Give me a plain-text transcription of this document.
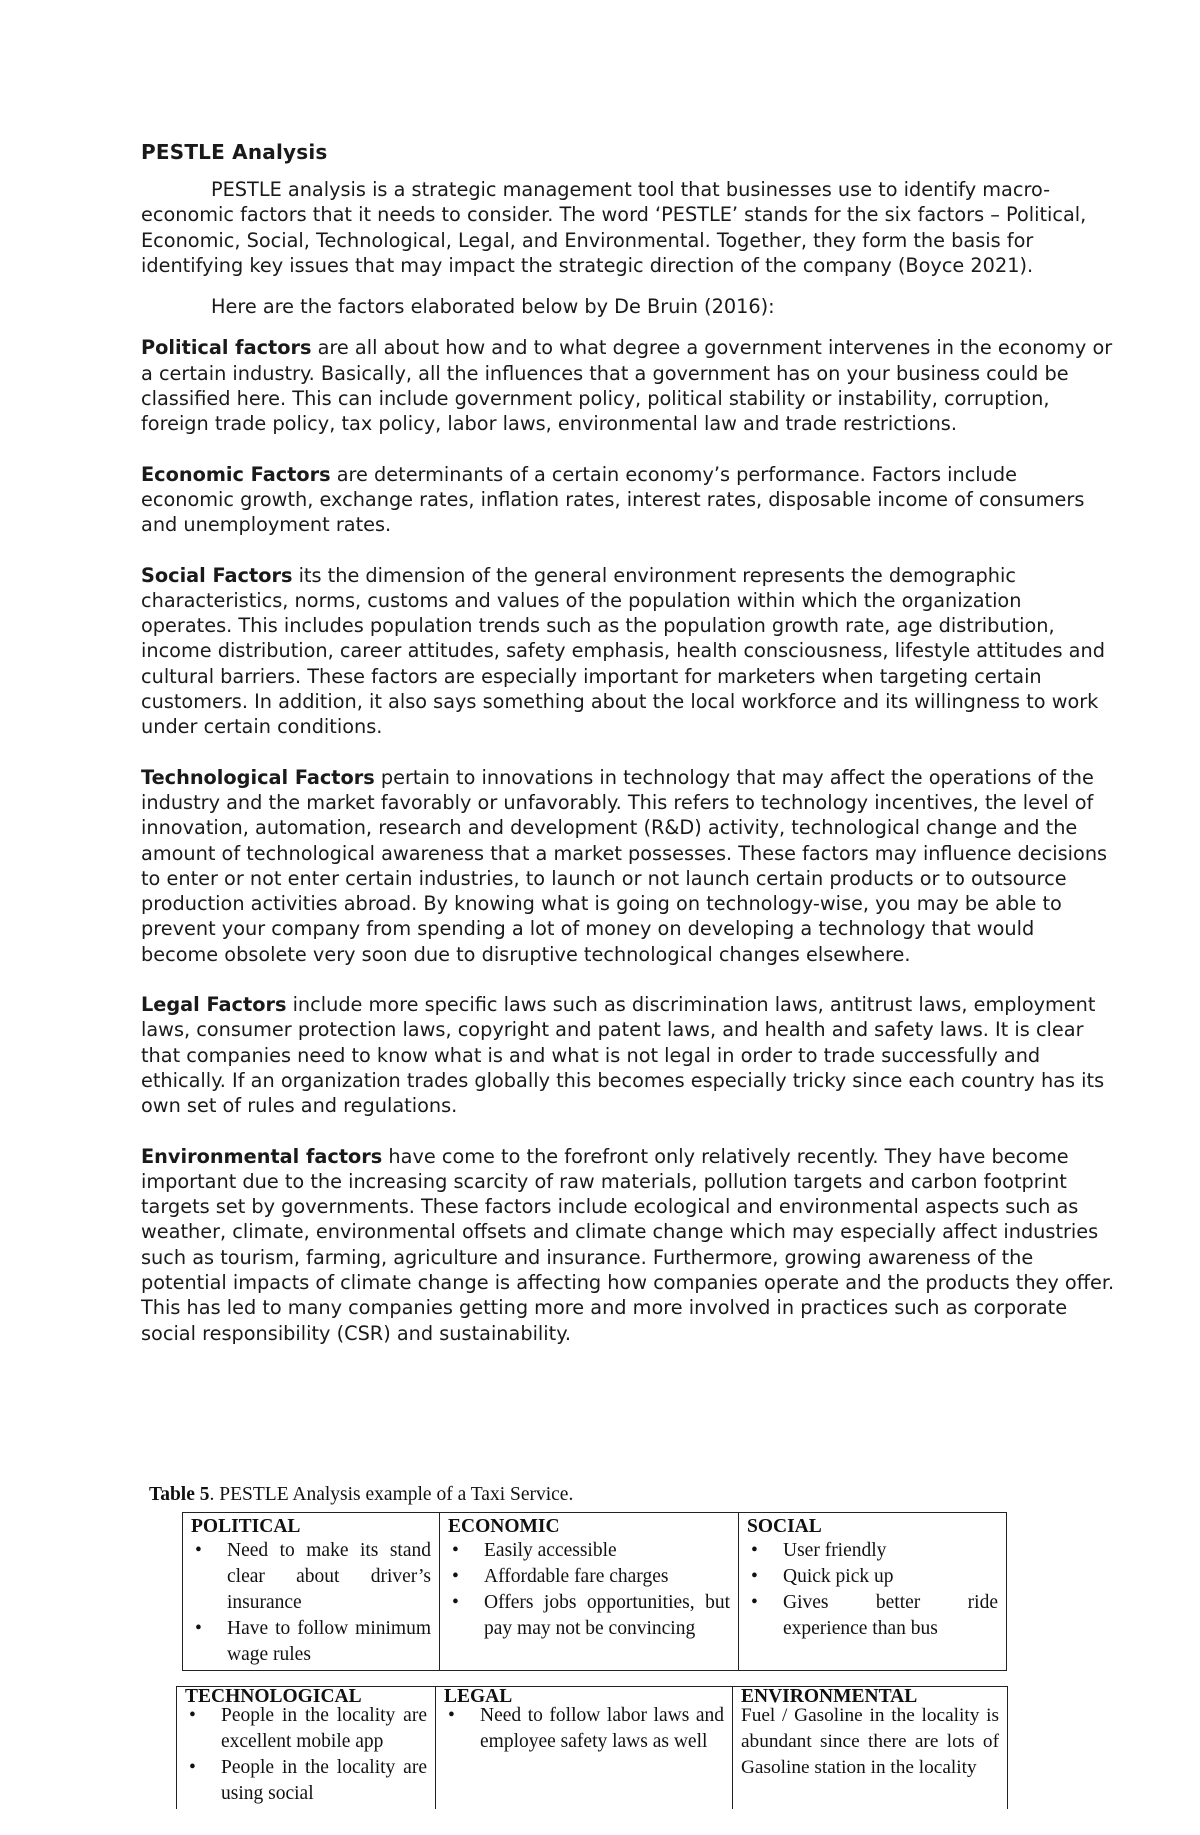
PESTLE Analysis

PESTLE analysis is a strategic management tool that businesses use to identify macro-economic factors that it needs to consider. The word ‘PESTLE’ stands for the six factors – Political, Economic, Social, Technological, Legal, and Environmental. Together, they form the basis for identifying key issues that may impact the strategic direction of the company (Boyce 2021).

Here are the factors elaborated below by De Bruin (2016):

Political factors are all about how and to what degree a government intervenes in the economy or a certain industry. Basically, all the influences that a government has on your business could be classified here. This can include government policy, political stability or instability, corruption, foreign trade policy, tax policy, labor laws, environmental law and trade restrictions.

Economic Factors are determinants of a certain economy’s performance. Factors include economic growth, exchange rates, inflation rates, interest rates, disposable income of consumers and unemployment rates.

Social Factors its the dimension of the general environment represents the demographic characteristics, norms, customs and values of the population within which the organization operates. This includes population trends such as the population growth rate, age distribution, income distribution, career attitudes, safety emphasis, health consciousness, lifestyle attitudes and cultural barriers. These factors are especially important for marketers when targeting certain customers. In addition, it also says something about the local workforce and its willingness to work under certain conditions.

Technological Factors pertain to innovations in technology that may affect the operations of the industry and the market favorably or unfavorably. This refers to technology incentives, the level of innovation, automation, research and development (R&D) activity, technological change and the amount of technological awareness that a market possesses. These factors may influence decisions to enter or not enter certain industries, to launch or not launch certain products or to outsource production activities abroad. By knowing what is going on technology-wise, you may be able to prevent your company from spending a lot of money on developing a technology that would become obsolete very soon due to disruptive technological changes elsewhere.

Legal Factors include more specific laws such as discrimination laws, antitrust laws, employment laws, consumer protection laws, copyright and patent laws, and health and safety laws. It is clear that companies need to know what is and what is not legal in order to trade successfully and ethically. If an organization trades globally this becomes especially tricky since each country has its own set of rules and regulations.

Environmental factors have come to the forefront only relatively recently. They have become important due to the increasing scarcity of raw materials, pollution targets and carbon footprint targets set by governments. These factors include ecological and environmental aspects such as weather, climate, environmental offsets and climate change which may especially affect industries such as tourism, farming, agriculture and insurance. Furthermore, growing awareness of the potential impacts of climate change is affecting how companies operate and the products they offer. This has led to many companies getting more and more involved in practices such as corporate social responsibility (CSR) and sustainability.

Table 5. PESTLE Analysis example of a Taxi Service.
POLITICAL
• Need to make its stand clear about driver’s insurance
• Have to follow minimum wage rules

ECONOMIC
• Easily accessible
• Affordable fare charges
• Offers jobs opportunities, but pay may not be convincing

SOCIAL
• User friendly
• Quick pick up
• Gives better ride experience than bus
TECHNOLOGICAL
• People in the locality are excellent mobile app
• People in the locality are using social

LEGAL
• Need to follow labor laws and employee safety laws as well

ENVIRONMENTAL

Fuel / Gasoline in the locality is abundant since there are lots of Gasoline station in the locality
